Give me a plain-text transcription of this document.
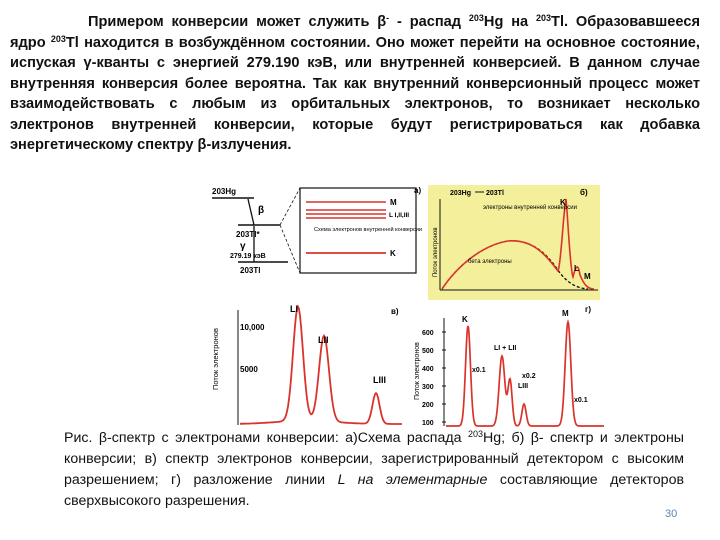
Примером конверсии может служить β- - распад $^{203}$Hg на $^{203}$Tl. Образовавшееся ядро $^{203}$Tl находится в возбуждённом состоянии. Оно может перейти на основное состояние, испуская γ-кванты с энергией 279.190 кэВ, или внутренней конверсией. В данном случае внутренняя конверсия более вероятна. Так как внутренний конверсионный процесс может взаимодействовать с любым из орбитальных электронов, то возникает несколько электронов внутренней конверсии, которые будут регистрироваться как добавка энергетическому спектру β-излучения.
203Hg
β
203Tl*
γ
279.19 кэВ
203Tl
M
L I,II,III
Схема электронов внутренней конверсии
K
а)	б)
203Hg 203Tl
Поток электронов
электроны внутренней конверсии
бета электроны
K
L
M
в)
Поток электронов
10,000
5000
LI
LII
LIII
г)
Поток электронов
600
500
400
300
200
100
K
LI + LII
LIII
M
x0.1
x0.2
x0.1
Рис. β-спектр с электронами конверсии: а)Схема распада $^{203}$Hg; б) β- спектр и электроны конверсии; в) спектр электронов конверсии, зарегистрированный детектором с высоким разрешением; г) разложение линии L на элементарные составляющие детекторов сверхвысокого разрешения.
30
